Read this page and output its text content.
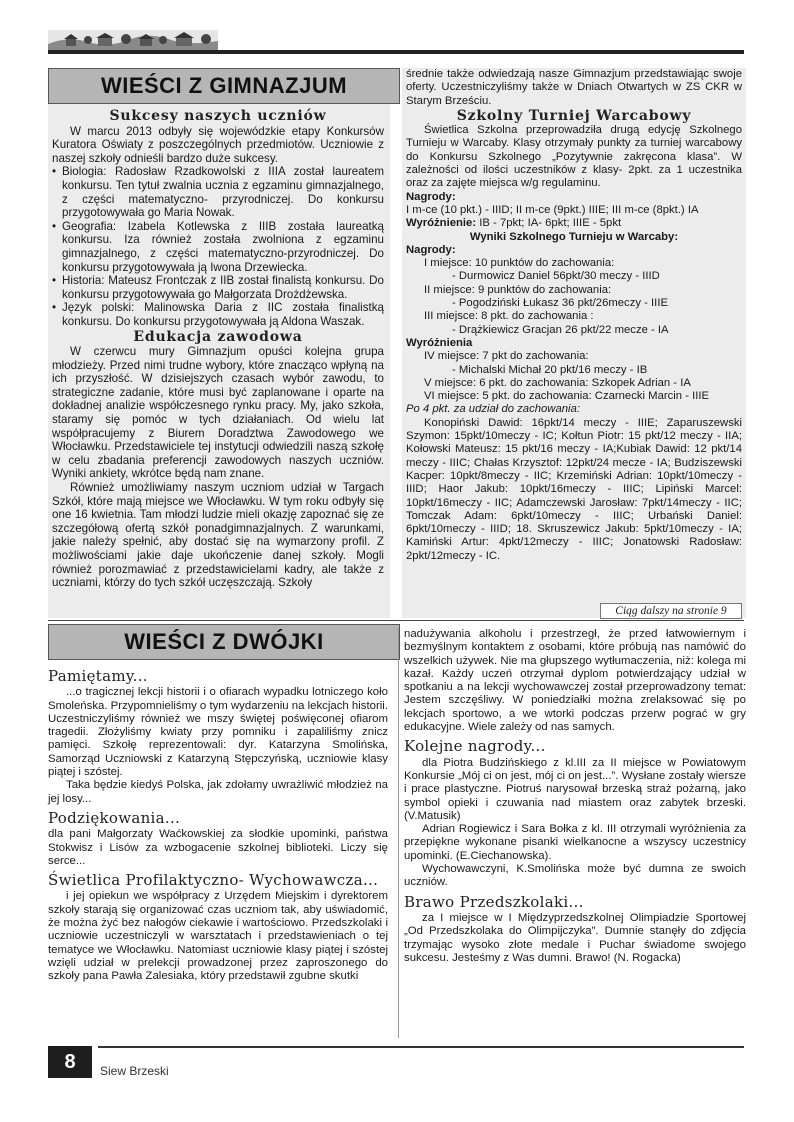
WIEŚCI Z GIMNAZJUM
Sukcesy naszych uczniów

W marcu 2013 odbyły się wojewódzkie etapy Konkursów Kuratora Oświaty z poszczególnych przedmiotów. Uczniowie z naszej szkoły odnieśli bardzo duże sukcesy.

• Biologia: Radosław Rzadkowolski z IIIA został laureatem konkursu. Ten tytuł zwalnia ucznia z egzaminu gimnazjalnego, z części matematyczno- przyrodniczej. Do konkursu przygotowywała go Maria Nowak.
• Geografia: Izabela Kotlewska z IIIB została laureatką konkursu. Iza również została zwolniona z egzaminu gimnazjalnego, z części matematyczno-przyrodniczej. Do konkursu przygotowywała ją Iwona Drzewiecka.
• Historia: Mateusz Frontczak z IIB został finalistą konkursu. Do konkursu przygotowywała go Małgorzata Drożdżewska.
• Język polski: Malinowska Daria z IIC została finalistką konkursu. Do konkursu przygotowywała ją Aldona Waszak.
Edukacja zawodowa

W czerwcu mury Gimnazjum opuści kolejna grupa młodzieży. Przed nimi trudne wybory, które znacząco wpłyną na ich przyszłość. W dzisiejszych czasach wybór zawodu, to strategiczne zadanie, które musi być zaplanowane i oparte na dokładnej analizie współczesnego rynku pracy. My, jako szkoła, staramy się pomóc w tych działaniach. Od wielu lat współpracujemy z Biurem Doradztwa Zawodowego we Włocławku. Przedstawiciele tej instytucji odwiedzili naszą szkołę w celu zbadania preferencji zawodowych naszych uczniów. Wyniki ankiety, wkrótce będą nam znane.

Również umożliwiamy naszym uczniom udział w Targach Szkół, które mają miejsce we Włocławku. W tym roku odbyły się one 16 kwietnia. Tam młodzi ludzie mieli okazję zapoznać się ze szczegółową ofertą szkół ponadgimnazjalnych. Z warunkami, jakie należy spełnić, aby dostać się na wymarzony profil. Z możliwościami jakie daje ukończenie danej szkoły. Mogli również porozmawiać z przedstawicielami kadry, ale także z uczniami, którzy do tych szkół uczęszczają. Szkoły

średnie także odwiedzają nasze Gimnazjum przedstawiając swoje oferty. Uczestniczyliśmy także w Dniach Otwartych w ZS CKR w Starym Brześciu.

Szkolny Turniej Warcabowy

Świetlica Szkolna przeprowadziła drugą edycję Szkolnego Turnieju w Warcaby. Klasy otrzymały punkty za turniej warcabowy do Konkursu Szkolnego „Pozytywnie zakręcona klasa”. W zależności od ilości uczestników z klasy- 2pkt. za 1 uczestnika oraz za zajęte miejsca w/g regulaminu.

Nagrody:

I m-ce (10 pkt.) - IIID; II m-ce (9pkt.) IIIE; III m-ce (8pkt.) IA

Wyróżnienie: IB - 7pkt; IA- 6pkt; IIIE - 5pkt

Wyniki Szkolnego Turnieju w Warcaby:

Nagrody:

I miejsce: 10 punktów do zachowania:

- Durmowicz Daniel 56pkt/30 meczy - IIID

II miejsce: 9 punktów do zachowania:

- Pogodziński Łukasz 36 pkt/26meczy - IIIE

III miejsce: 8 pkt. do zachowania :

- Drążkiewicz Gracjan 26 pkt/22 mecze - IA

Wyróżnienia

IV miejsce: 7 pkt do zachowania:

- Michalski Michał 20 pkt/16 meczy - IB

V miejsce: 6 pkt. do zachowania: Szkopek Adrian - IA

VI miejsce: 5 pkt. do zachowania: Czarnecki Marcin - IIIE

Po 4 pkt. za udział do zachowania:

Konopiński Dawid: 16pkt/14 meczy - IIIE; Zaparuszewski Szymon: 15pkt/10meczy - IC; Kołtun Piotr: 15 pkt/12 meczy - IIA; Kołowski Mateusz: 15 pkt/16 meczy - IA;Kubiak Dawid: 12 pkt/14 meczy - IIIC; Chałas Krzysztof: 12pkt/24 mecze - IA; Budziszewski Kacper: 10pkt/8meczy - IIC; Krzemiński Adrian: 10pkt/10meczy - IIID; Haor Jakub: 10pkt/16meczy - IIIC; Lipiński Marcel: 10pkt/16meczy - IIC; Adamczewski Jarosław: 7pkt/14meczy - IIC; Tomczak Adam: 6pkt/10meczy - IIIC; Urbański Daniel: 6pkt/10meczy - IIID; 18. Skruszewicz Jakub: 5pkt/10meczy - IA; Kamiński Artur: 4pkt/12meczy - IIIC; Jonatowski Radosław: 2pkt/12meczy - IC.

Ciąg dalszy na stronie 9
WIEŚCI Z DWÓJKI
Pamiętamy...

...o tragicznej lekcji historii i o ofiarach wypadku lotniczego koło Smoleńska. Przypomnieliśmy o tym wydarzeniu na lekcjach historii. Uczestniczyliśmy również we mszy świętej poświęconej ofiarom tragedii. Złożyliśmy kwiaty przy pomniku i zapaliliśmy znicz pamięci. Szkołę reprezentowali: dyr. Katarzyna Smolińska, Samorząd Uczniowski z Katarzyną Stępczyńską, uczniowie klasy piątej i szóstej.

Taka będzie kiedyś Polska, jak zdołamy uwrażliwić młodzież na jej losy...

Podziękowania...

dla pani Małgorzaty Waćkowskiej za słodkie upominki, państwa Stokwisz i Lisów za wzbogacenie szkolnej biblioteki. Liczy się serce...

Świetlica Profilaktyczno- Wychowawcza...

i jej opiekun we współpracy z Urzędem Miejskim i dyrektorem szkoły starają się organizować czas uczniom tak, aby uświadomić, że można żyć bez nałogów ciekawie i wartościowo. Przedszkolaki i uczniowie uczestniczyli w warsztatach i przedstawieniach o tej tematyce we Włocławku. Natomiast uczniowie klasy piątej i szóstej wzięli udział w prelekcji prowadzonej przez zaproszonego do szkoły pana Pawła Zalesiaka, który przedstawił zgubne skutki

nadużywania alkoholu i przestrzegł, że przed łatwowiernym i bezmyślnym kontaktem z osobami, które próbują nas namówić do wszelkich używek. Nie ma głupszego wytłumaczenia, niż: kolega mi kazał. Każdy uczeń otrzymał dyplom potwierdzający udział w spotkaniu a na lekcji wychowawczej został przeprowadzony temat: Jestem szczęśliwy. W poniedziałki można zrelaksować się po lekcjach sportowo, a we wtorki podczas przerw pograć w gry edukacyjne. Wiele zależy od nas samych.

Kolejne nagrody...

dla Piotra Budzińskiego z kl.III za II miejsce w Powiatowym Konkursie „Mój ci on jest, mój ci on jest...”. Wysłane zostały wiersze i prace plastyczne. Piotruś narysował brzeską straż pożarną, jako symbol opieki i czuwania nad miastem oraz zabytek brzeski. (V.Matusik)

Adrian Rogiewicz i Sara Bołka z kl. III otrzymali wyróżnienia za przepiękne wykonane pisanki wielkanocne a wszyscy uczestnicy upominki. (E.Ciechanowska).

Wychowawczyni, K.Smolińska może być dumna ze swoich uczniów.

Brawo Przedszkolaki...

za I miejsce w I Międzyprzedszkolnej Olimpiadzie Sportowej „Od Przedszkolaka do Olimpijczyka”. Dumnie stanęły do zdjęcia trzymając wysoko złote medale i Puchar świadome swojego sukcesu. Jesteśmy z Was dumni. Brawo! (N. Rogacka)

8	Siew Brzeski
